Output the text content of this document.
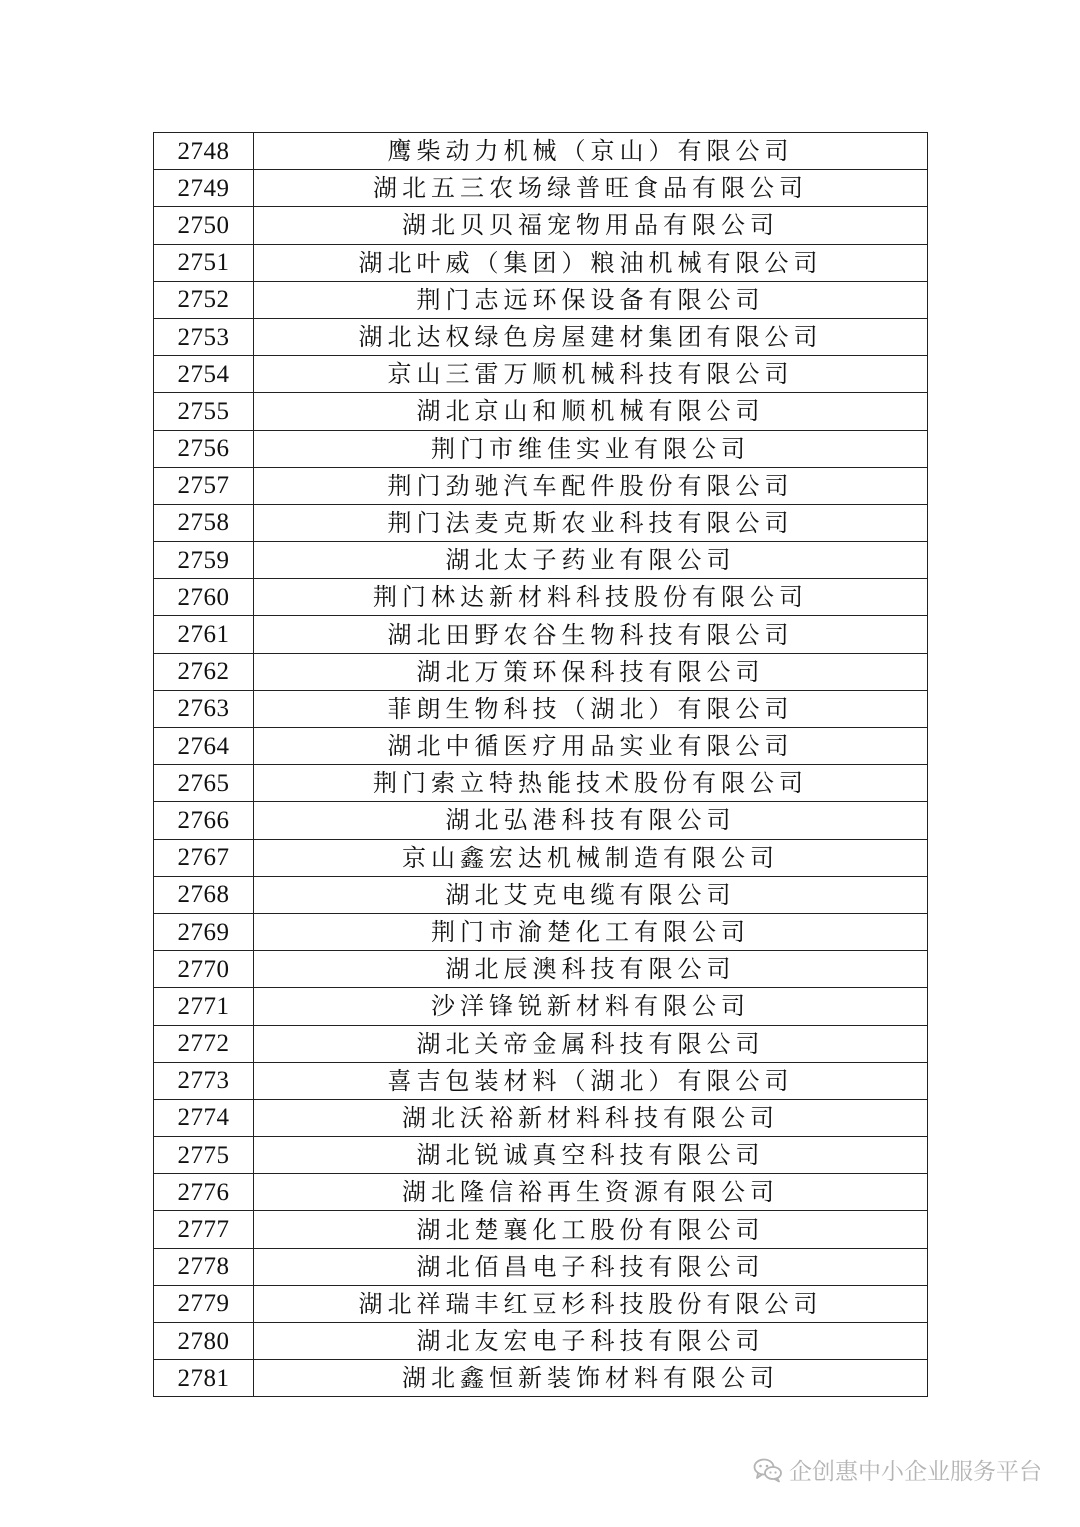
2748	鹰柴动力机械（京山）有限公司
2749	湖北五三农场绿普旺食品有限公司
2750	湖北贝贝福宠物用品有限公司
2751	湖北叶威（集团）粮油机械有限公司
2752	荆门志远环保设备有限公司
2753	湖北达权绿色房屋建材集团有限公司
2754	京山三雷万顺机械科技有限公司
2755	湖北京山和顺机械有限公司
2756	荆门市维佳实业有限公司
2757	荆门劲驰汽车配件股份有限公司
2758	荆门法麦克斯农业科技有限公司
2759	湖北太子药业有限公司
2760	荆门林达新材料科技股份有限公司
2761	湖北田野农谷生物科技有限公司
2762	湖北万策环保科技有限公司
2763	菲朗生物科技（湖北）有限公司
2764	湖北中循医疗用品实业有限公司
2765	荆门索立特热能技术股份有限公司
2766	湖北弘港科技有限公司
2767	京山鑫宏达机械制造有限公司
2768	湖北艾克电缆有限公司
2769	荆门市渝楚化工有限公司
2770	湖北辰澳科技有限公司
2771	沙洋锋锐新材料有限公司
2772	湖北关帝金属科技有限公司
2773	喜吉包装材料（湖北）有限公司
2774	湖北沃裕新材料科技有限公司
2775	湖北锐诚真空科技有限公司
2776	湖北隆信裕再生资源有限公司
2777	湖北楚襄化工股份有限公司
2778	湖北佰昌电子科技有限公司
2779	湖北祥瑞丰红豆杉科技股份有限公司
2780	湖北友宏电子科技有限公司
2781	湖北鑫恒新装饰材料有限公司
企创惠中小企业服务平台
